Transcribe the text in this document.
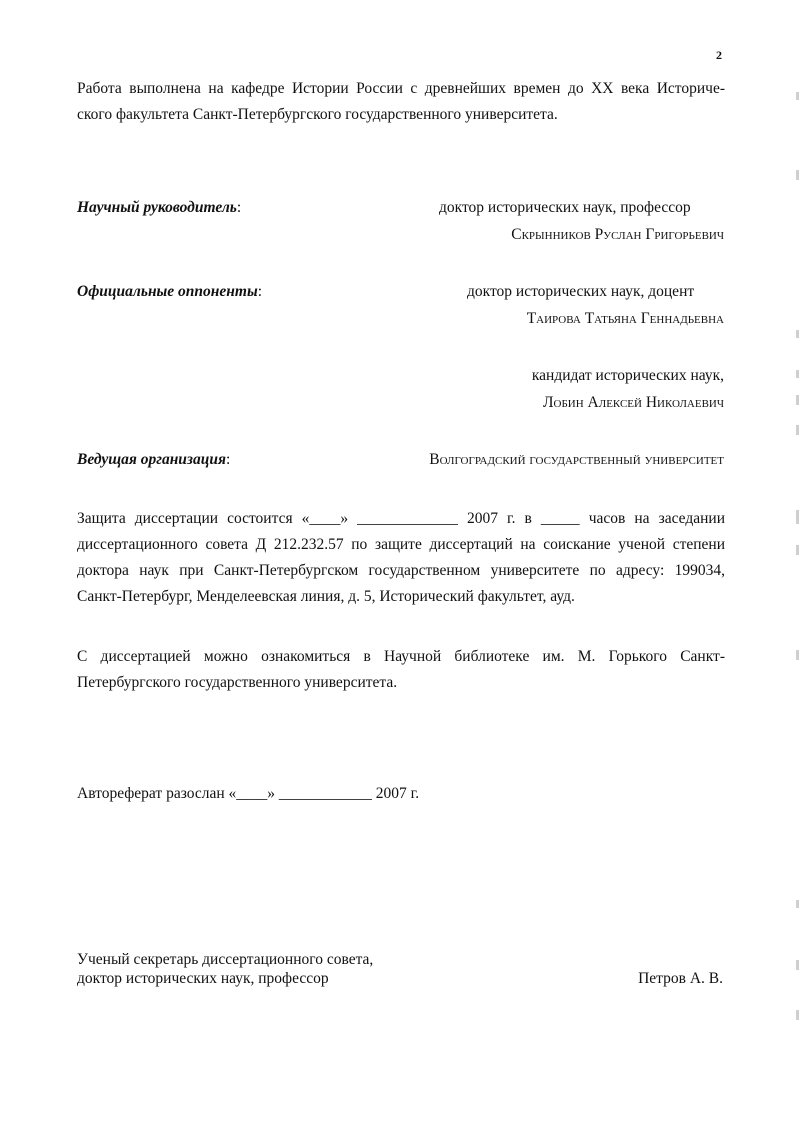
2
Работа выполнена на кафедре Истории России с древнейших времен до XX века Историче-
ского факультета Санкт-Петербургского государственного университета.
Научный руководитель:	доктор исторических наук, профессор
Скрынников Руслан Григорьевич
Официальные оппоненты:	доктор исторических наук, доцент
Таирова Татьяна Геннадьевна
кандидат исторических наук,
Лобин Алексей Николаевич
Ведущая организация:	Волгоградский государственный университет
Защита диссертации состоится «____» _____________ 2007 г. в _____ часов на заседании
диссертационного совета Д 212.232.57 по защите диссертаций на соискание ученой степени
доктора наук при Санкт-Петербургском государственном университете по адресу: 199034,
Санкт-Петербург, Менделеевская линия, д. 5, Исторический факультет, ауд.
С диссертацией можно ознакомиться в Научной библиотеке им. М. Горького Санкт-
Петербургского государственного университета.
Автореферат разослан «____» ____________ 2007 г.
Ученый секретарь диссертационного совета,
доктор исторических наук, профессор	Петров А. В.
